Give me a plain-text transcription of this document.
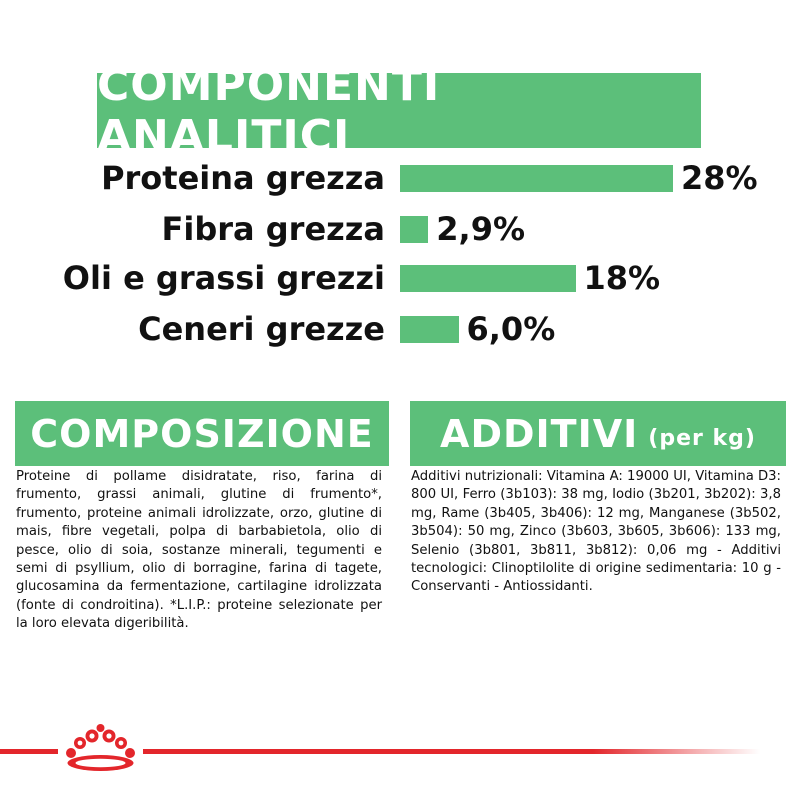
COMPONENTI ANALITICI
Proteina grezza	28%
Fibra grezza 2,9%
Oli e grassi grezzi	18%
Ceneri grezze	6,0%
COMPOSIZIONE ADDITIVI (per kg)
Proteine di pollame disidratate, riso, farina di frumento, grassi animali, glutine di frumento*, frumento, proteine animali idrolizzate, orzo, glutine di mais, fibre vegetali, polpa di barbabietola, olio di pesce, olio di soia, sostanze minerali, tegumenti e semi di psyllium, olio di borragine, farina di tagete, glucosamina da fermentazione, cartilagine idrolizzata (fonte di condroitina). *L.I.P.: proteine selezionate per la loro elevata digeribilità.
Additivi nutrizionali: Vitamina A: 19000 UI, Vitamina D3: 800 UI, Ferro (3b103): 38 mg, Iodio (3b201, 3b202): 3,8 mg, Rame (3b405, 3b406): 12 mg, Manganese (3b502, 3b504): 50 mg, Zinco (3b603, 3b605, 3b606): 133 mg, Selenio (3b801, 3b811, 3b812): 0,06 mg - Additivi tecnologici: Clinoptilolite di origine sedimentaria: 10 g - Conservanti - Antiossidanti.
